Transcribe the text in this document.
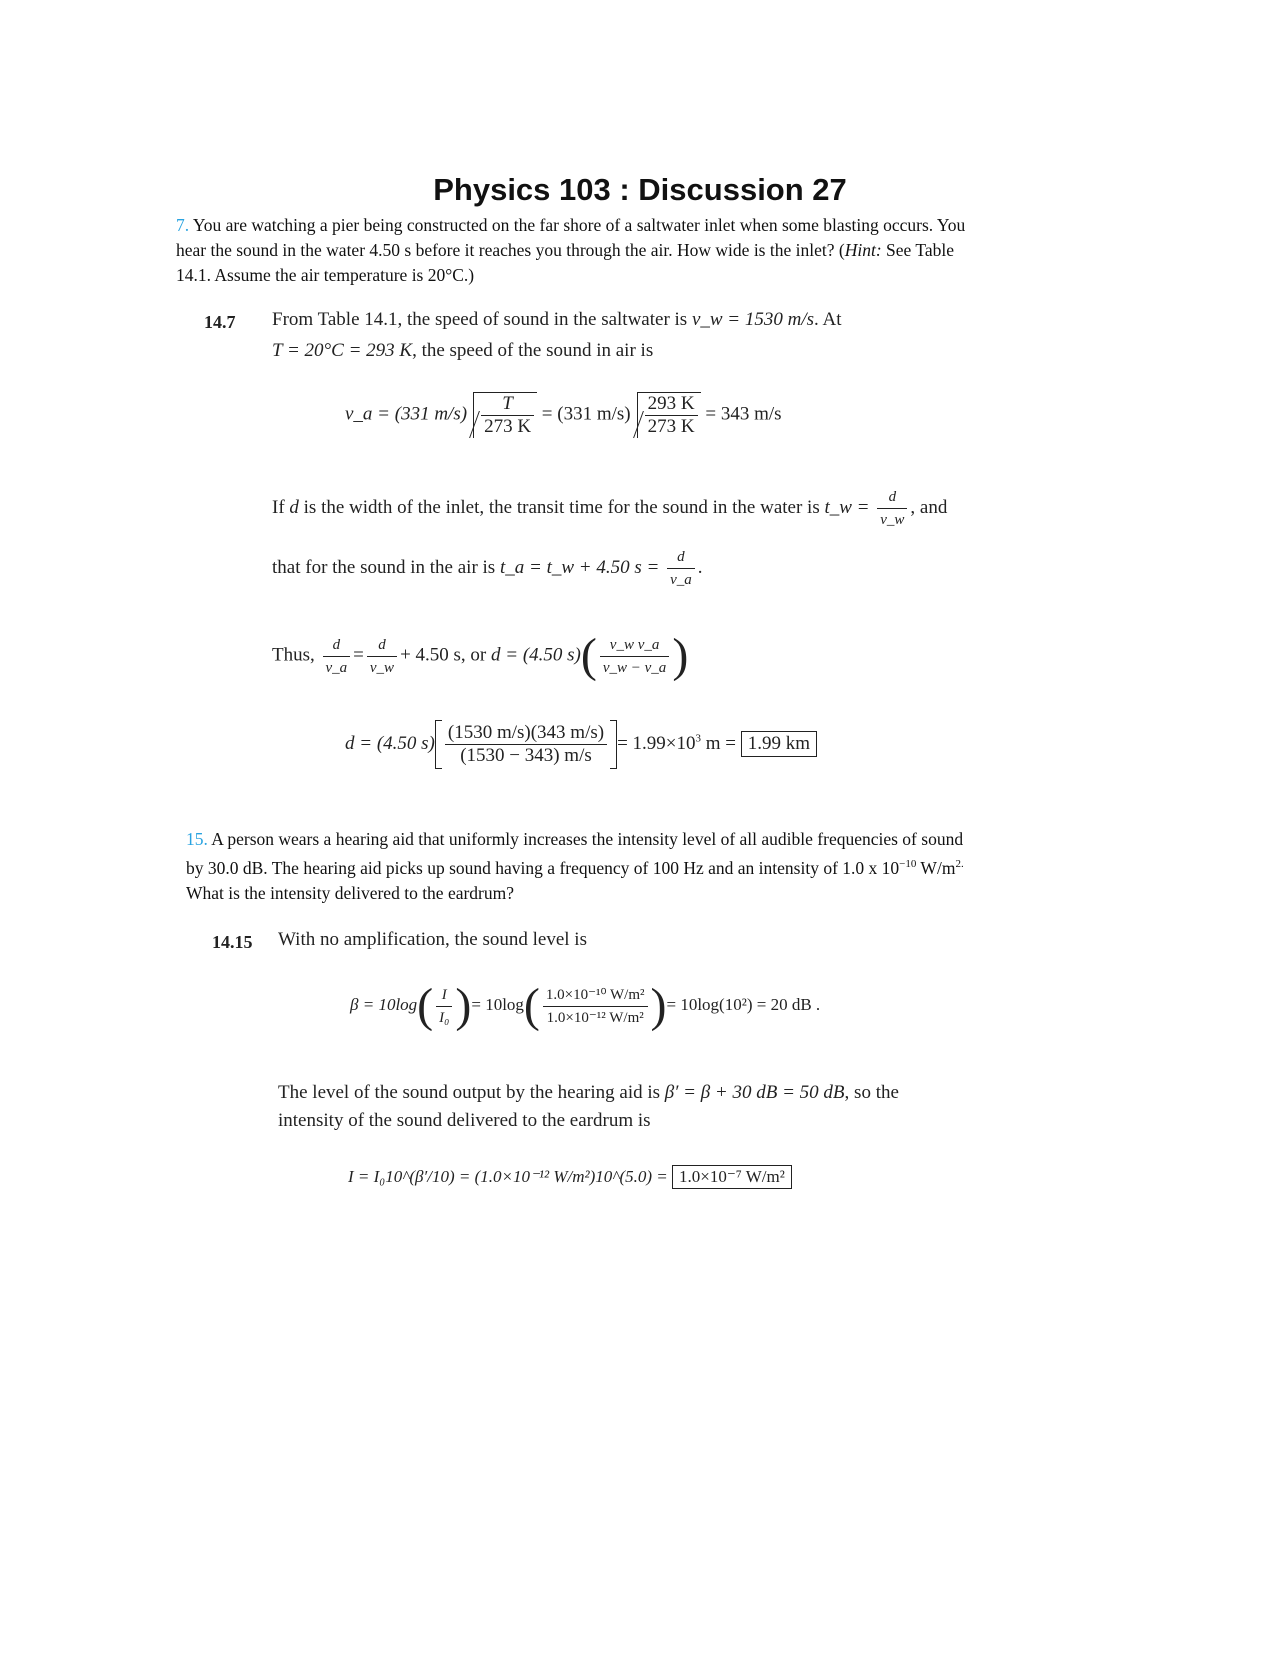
Physics 103 : Discussion 27
7. You are watching a pier being constructed on the far shore of a saltwater inlet when some blasting occurs. You
hear the sound in the water 4.50 s before it reaches you through the air. How wide is the inlet? (Hint: See Table
14.1. Assume the air temperature is 20°C.)
14.7 From Table 14.1, the speed of sound in the saltwater is v_w = 1530 m/s. At
T = 20°C = 293 K, the speed of the sound in air is
v_a = (331 $m/s) \frac{T}{273 K} = (331$ $m/s) \frac{293 K}{273 K} = 343$ m/s
If d is the width of the inlet, the transit time for the sound in the water is t_w = $\frac{d}{v\_w}$ , and
that for the sound in the air is t_a = t_w + 4.50 $s = \frac{d}{v\_a}$ .
Thus, $\frac{d}{v\_a} = \frac{d}{v\_w} + 4.50$ s, or d = (4.50 $s)( \frac{\text{v\_w v\_a}}{v\_w - v\_a}$ )
d = (4.50 $s) \frac{(1530 m/s)(343 m/s)}{(1530 - 343) m/s} = 1.99\times 10^3$ m = 1.99 km
15. A person wears a hearing aid that uniformly increases the intensity level of all audible frequencies of sound
by 30.0 dB. The hearing aid picks up sound having a frequency of 100 Hz and an intensity of 1.0 x $10^{-10}$ $W/m^{2.}$
What is the intensity delivered to the eardrum?
14.15 With no amplification, the sound level is
$\beta = 10\log( \frac{I}{\text{I₀}}$ )= $10\log( \frac{\text{1.0×10⁻¹⁰ W/m²}}{\text{1.0×10⁻¹² W/m²}}$ )= 10log(10²) = 20 dB .
The level of the sound output by the hearing aid is β′ = β + 30 dB = 50 dB, so the
intensity of the sound delivered to the eardrum is
I = I₀10^(β′/10) = (1.0×10⁻¹² W/m²)10^(5.0) = 1.0×10⁻⁷ W/m²
